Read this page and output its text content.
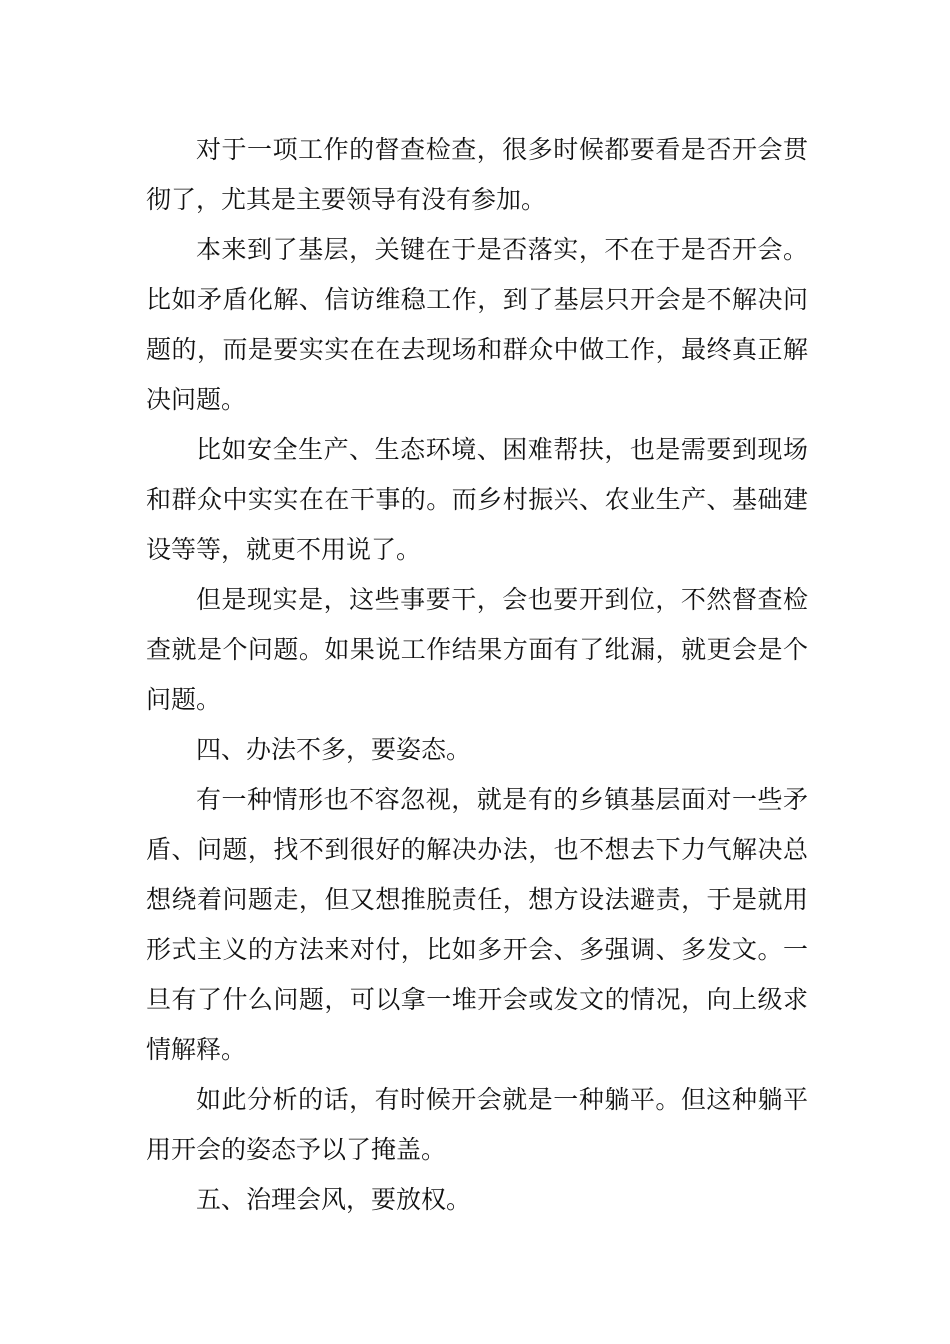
对于一项工作的督查检查，很多时候都要看是否开会贯彻了，尤其是主要领导有没有参加。

本来到了基层，关键在于是否落实，不在于是否开会。比如矛盾化解、信访维稳工作，到了基层只开会是不解决问题的，而是要实实在在去现场和群众中做工作，最终真正解决问题。

比如安全生产、生态环境、困难帮扶，也是需要到现场和群众中实实在在干事的。而乡村振兴、农业生产、基础建设等等，就更不用说了。

但是现实是，这些事要干，会也要开到位，不然督查检查就是个问题。如果说工作结果方面有了纰漏，就更会是个问题。

四、办法不多，要姿态。

有一种情形也不容忽视，就是有的乡镇基层面对一些矛盾、问题，找不到很好的解决办法，也不想去下力气解决总想绕着问题走，但又想推脱责任，想方设法避责，于是就用形式主义的方法来对付，比如多开会、多强调、多发文。一旦有了什么问题，可以拿一堆开会或发文的情况，向上级求情解释。

如此分析的话，有时候开会就是一种躺平。但这种躺平用开会的姿态予以了掩盖。

五、治理会风，要放权。
